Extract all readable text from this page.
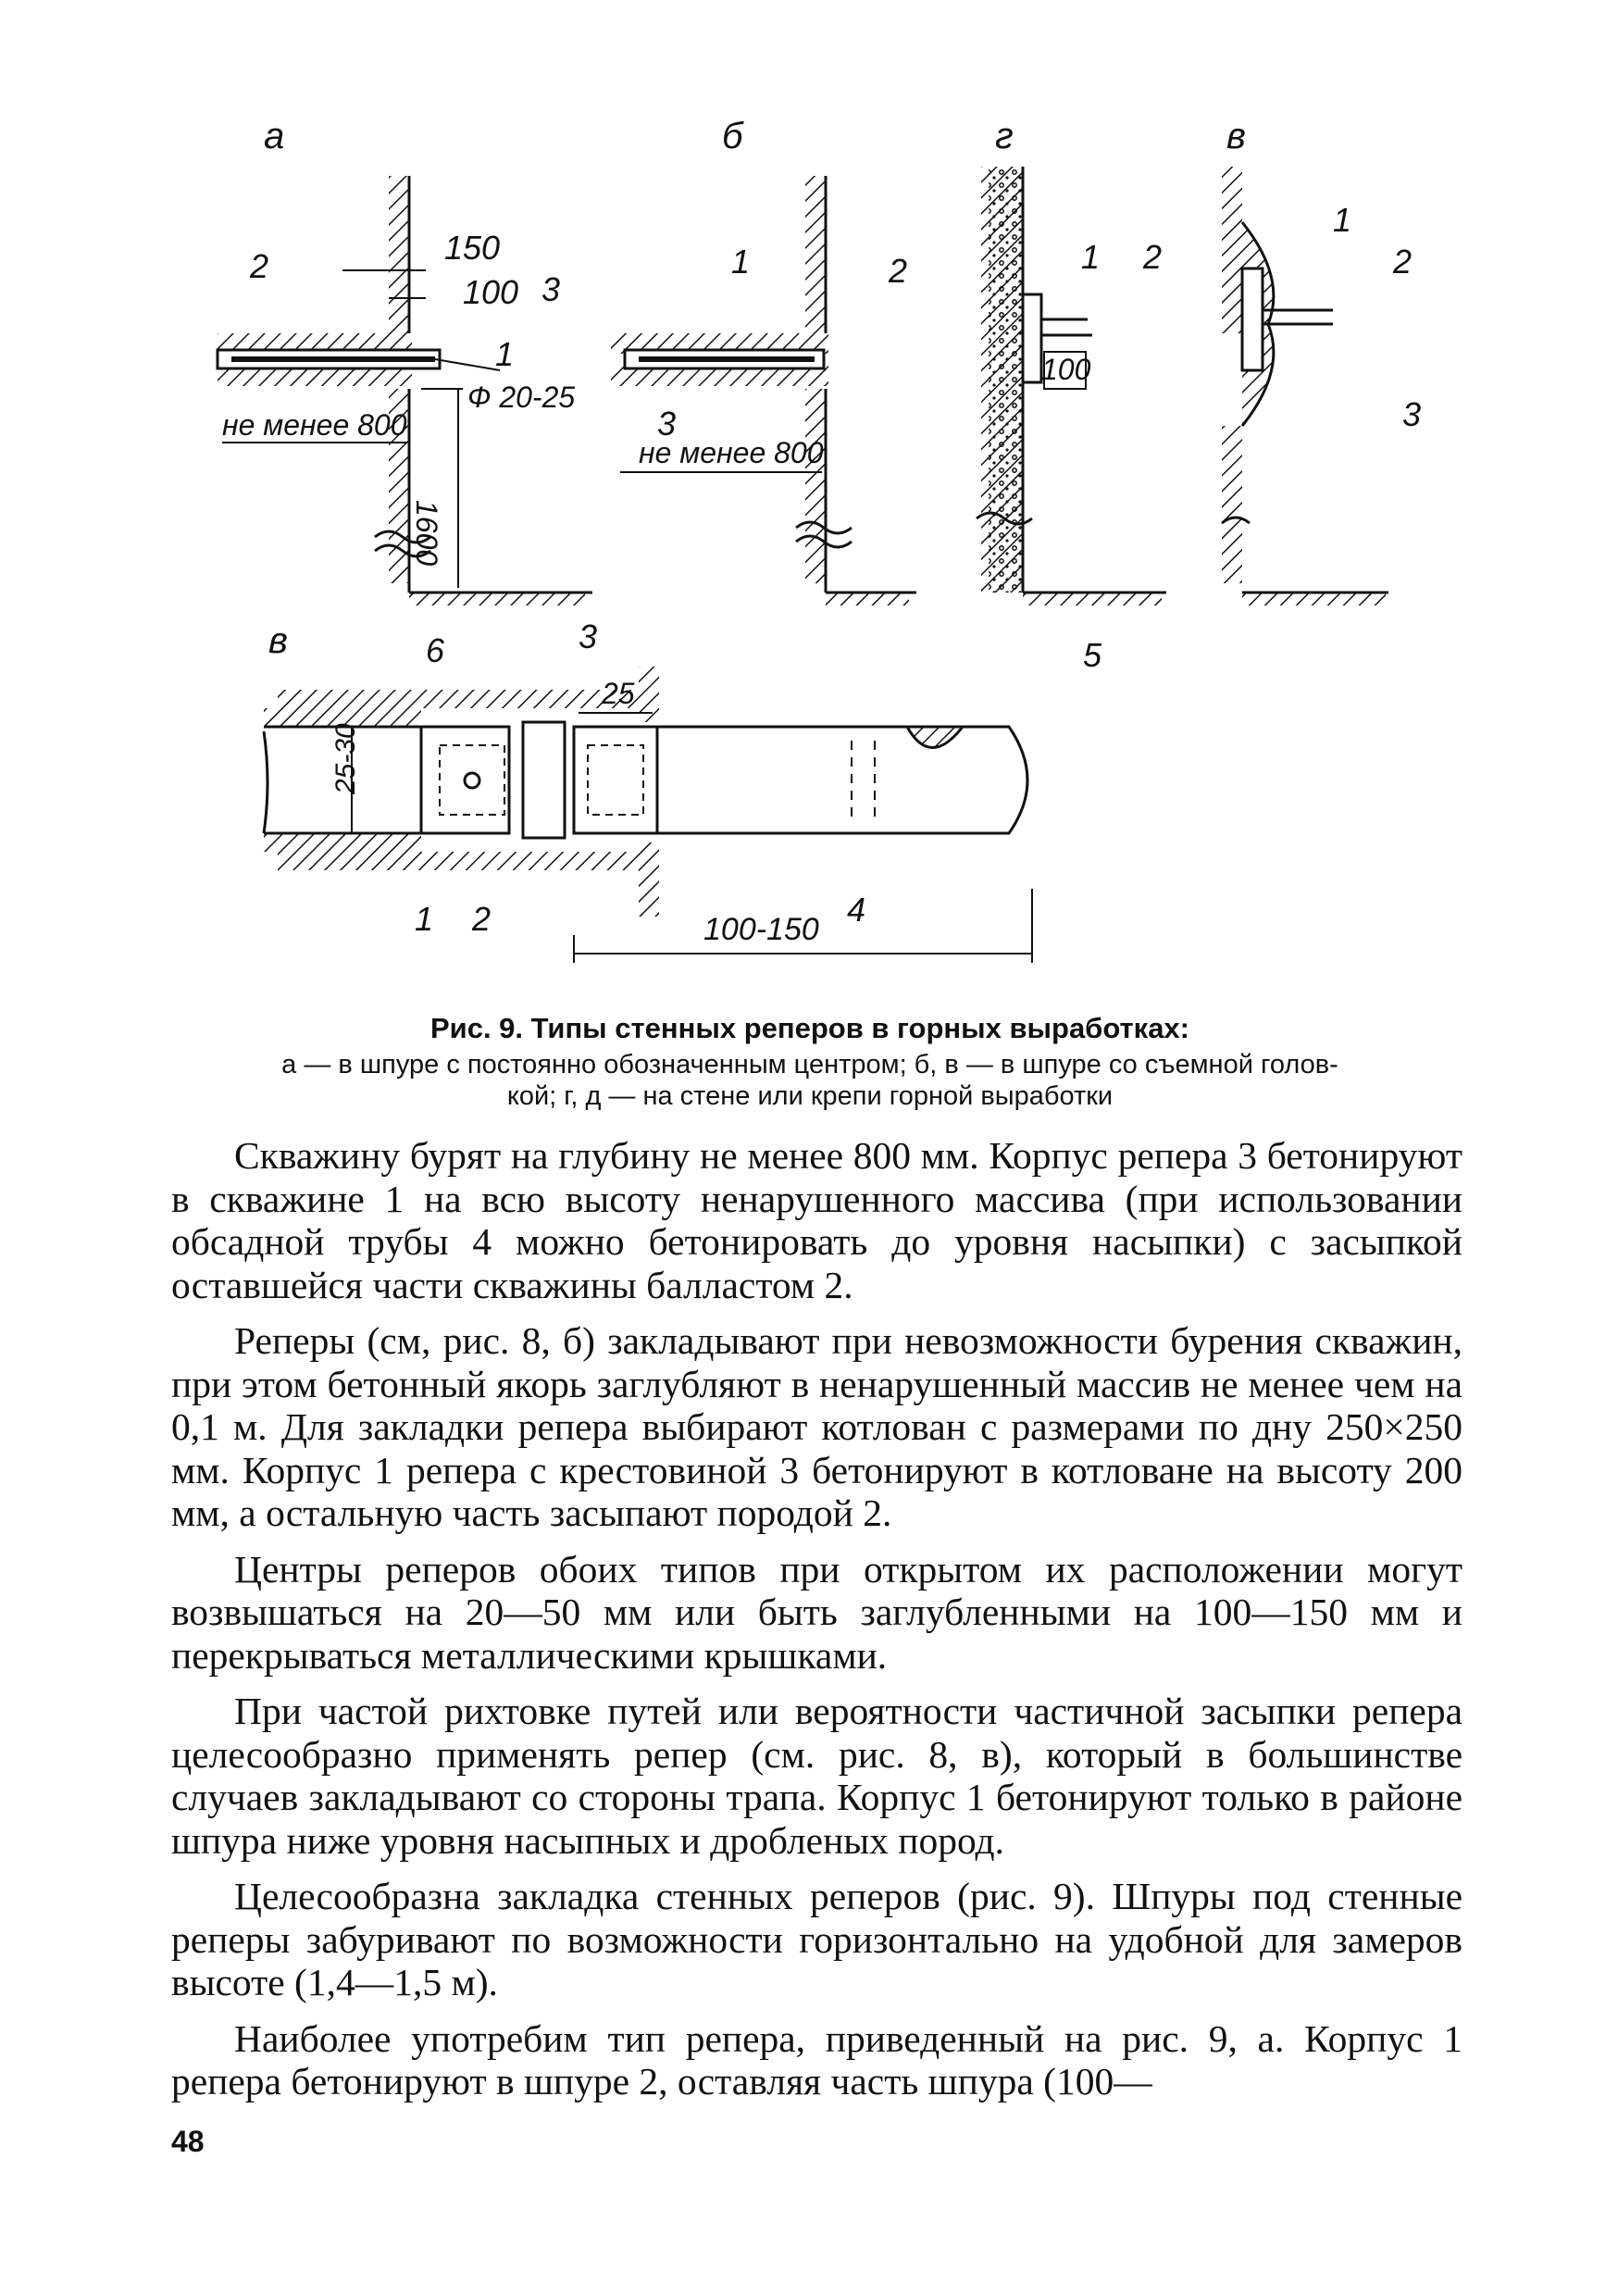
а
150
100
2
3
1
Ф 20-25
не менее 800
1600
б
1	2
3
не менее 800
г
1 2
100
в
1
2
3
в	6	3
25
5
25-30
1 2	100-150
4
Рис. 9. Типы стенных реперов в горных выработках:
а — в шпуре с постоянно обозначенным центром; б, в — в шпуре со съемной голов-
кой; г, д — на стене или крепи горной выработки

Скважину бурят на глубину не менее 800 мм. Корпус репера 3 бетонируют в скважине 1 на всю высоту ненарушенного массива (при использовании обсадной трубы 4 можно бетонировать до уровня насыпки) с засыпкой оставшейся части скважины балластом 2.

Реперы (см, рис. 8, б) закладывают при невозможности бурения скважин, при этом бетонный якорь заглубляют в ненарушенный массив не менее чем на 0,1 м. Для закладки репера выбирают котлован с размерами по дну 250×250 мм. Корпус 1 репера с крестовиной 3 бетонируют в котловане на высоту 200 мм, а остальную часть засыпают породой 2.

Центры реперов обоих типов при открытом их расположении могут возвышаться на 20—50 мм или быть заглубленными на 100—150 мм и перекрываться металлическими крышками.

При частой рихтовке путей или вероятности частичной засыпки репера целесообразно применять репер (см. рис. 8, в), который в большинстве случаев закладывают со стороны трапа. Корпус 1 бетонируют только в районе шпура ниже уровня насыпных и дробленых пород.

Целесообразна закладка стенных реперов (рис. 9). Шпуры под стенные реперы забуривают по возможности горизонтально на удобной для замеров высоте (1,4—1,5 м).

Наиболее употребим тип репера, приведенный на рис. 9, а. Корпус 1 репера бетонируют в шпуре 2, оставляя часть шпура (100—

48
